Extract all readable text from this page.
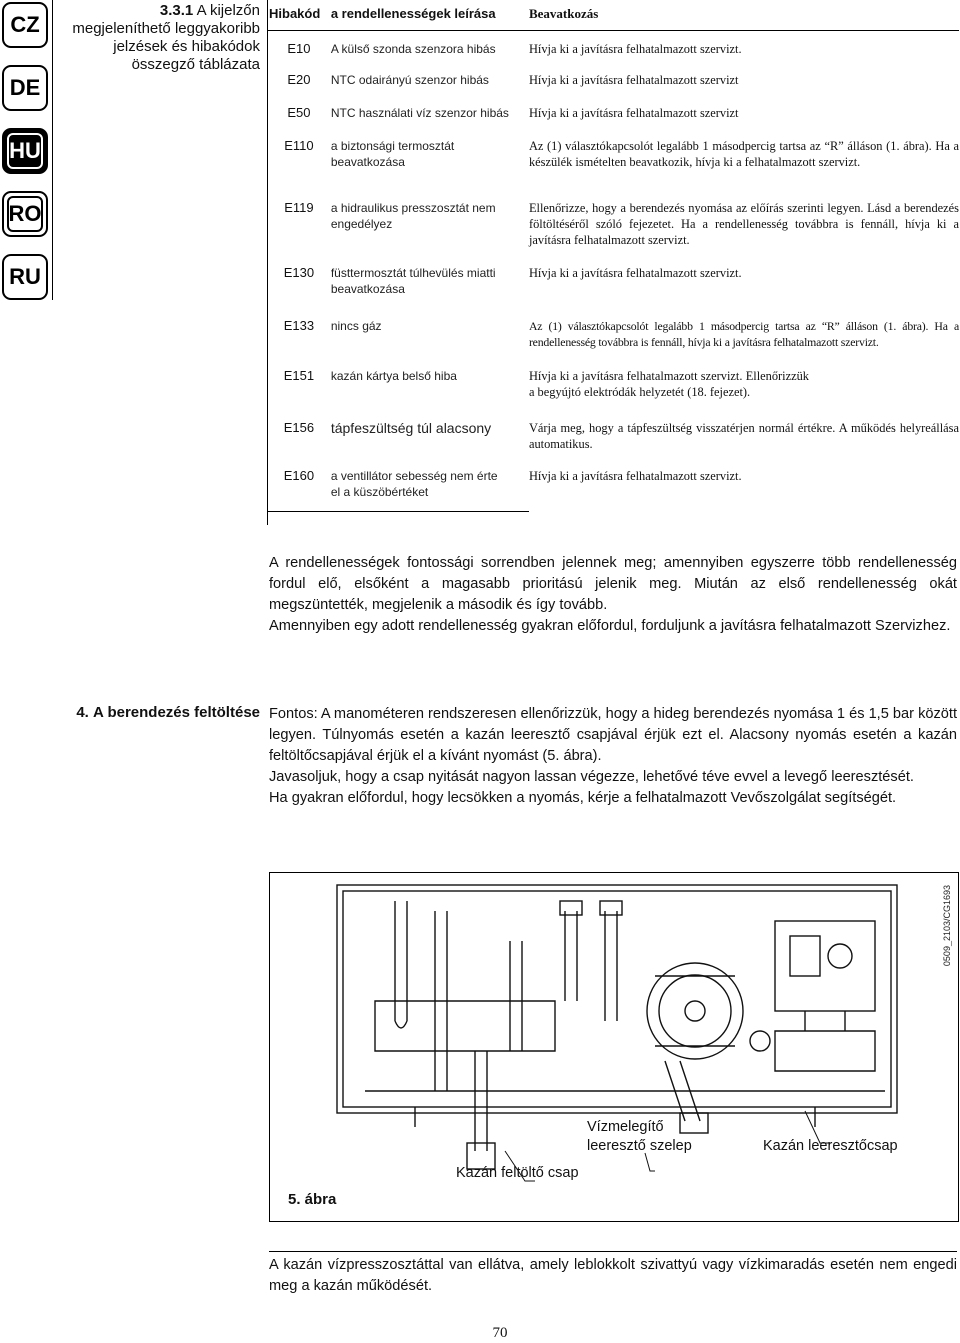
CZ
DE
HU
RO
RU
3.3.1 A kijelzőn megjeleníthető leggyakoribb jelzések és hibakódok összegző táblázata
Hibakód	a rendellenességek leírása	Beavatkozás
E10	A külső szonda szenzora hibás	Hívja ki a javításra felhatalmazott szervizt.
E20	NTC odairányú szenzor hibás	Hívja ki a javításra felhatalmazott szervizt
E50	NTC használati víz szenzor hibás	Hívja ki a javításra felhatalmazott szervizt
E110	a biztonsági termosztát beavatkozása	Az (1) választókapcsolót legalább 1 másodpercig tartsa az “R” álláson (1. ábra). Ha a készülék ismételten beavatkozik, hívja ki a felhatalmazott szervizt.
E119	a hidraulikus presszosztát nem engedélyez	Ellenőrizze, hogy a berendezés nyomása az előírás szerinti legyen. Lásd a berendezés föltöltéséről szóló fejezetet. Ha a rendellenesség továbbra is fennáll, hívja ki a javításra felhatalmazott szervizt.
E130	füsttermosztát túlhevülés miatti beavatkozása	Hívja ki a javításra felhatalmazott szervizt.
E133	nincs gáz	Az (1) választókapcsolót legalább 1 másodpercig tartsa az “R” álláson (1. ábra). Ha a rendellenesség továbbra is fennáll, hívja ki a javításra felhatalmazott szervizt.
E151	kazán kártya belső hiba	Hívja ki a javításra felhatalmazott szervizt. Ellenőrizzük a begyújtó elektródák helyzetét (18. fejezet).
E156	tápfeszültség túl alacsony	Várja meg, hogy a tápfeszültség visszatérjen normál értékre. A működés helyreállása automatikus.
E160	a ventillátor sebesség nem érte el a küszöbértéket	Hívja ki a javításra felhatalmazott szervizt.

A rendellenességek fontossági sorrendben jelennek meg; amennyiben egyszerre több rendellenesség fordul elő, elsőként a magasabb prioritású jelenik meg. Miután az első rendellenesség okát megszüntették, megjelenik a második és így tovább.

Amennyiben egy adott rendellenesség gyakran előfordul, forduljunk a javításra felhatalmazott Szervizhez.

4. A berendezés feltöltése Fontos: A manométeren rendszeresen ellenőrizzük, hogy a hideg berendezés nyomása 1 és 1,5 bar között legyen. Túlnyomás esetén a kazán leeresztő csapjával érjük ezt el. Alacsony nyomás esetén a kazán feltöltőcsapjával érjük el a kívánt nyomást (5. ábra).

Javasoljuk, hogy a csap nyitását nagyon lassan végezze, lehetővé téve evvel a levegő leeresztését.

Ha gyakran előfordul, hogy lecsökken a nyomás, kérje a felhatalmazott Vevőszolgálat segítségét.

Kazán feltöltő csap
Vízmelegítő
leeresztő szelep	Kazán leeresztőcsap
5. ábra
0509_2103/CG1693
A kazán vízpresszosztáttal van ellátva, amely leblokkolt szivattyú vagy vízkimaradás esetén nem engedi meg a kazán működését.
70
